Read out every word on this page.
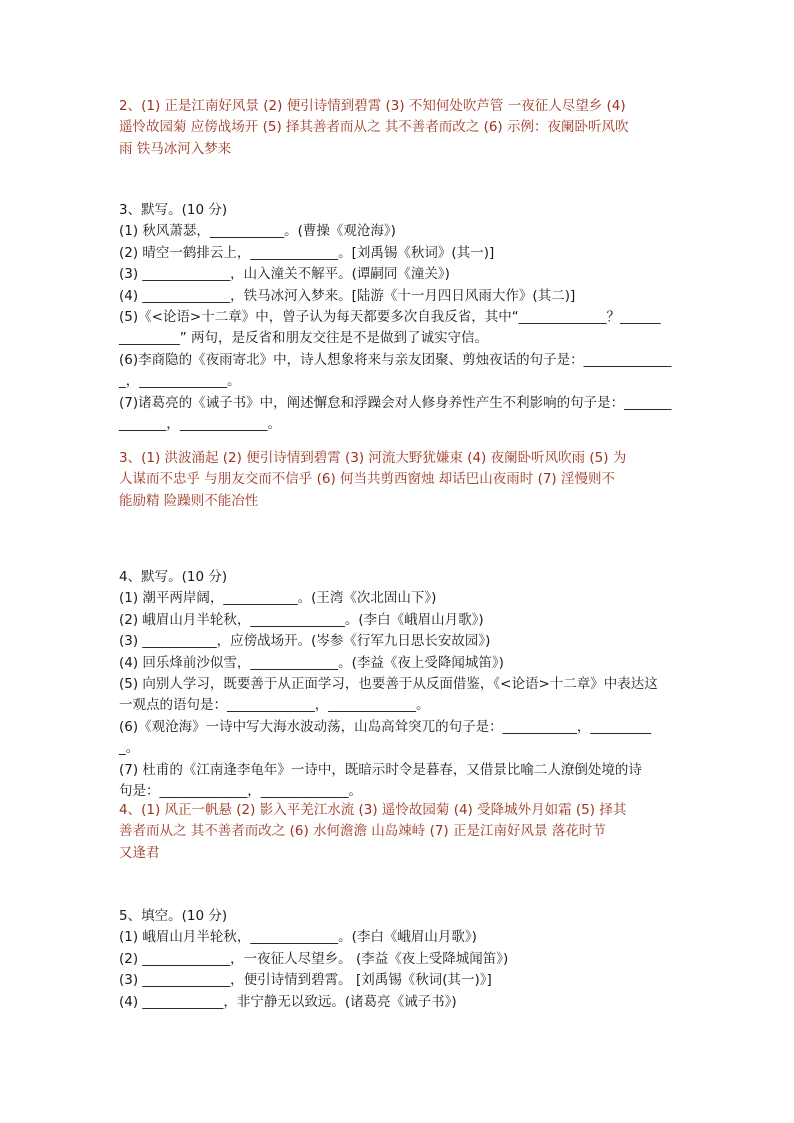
2、(1) 正是江南好风景 (2) 便引诗情到碧霄 (3) 不知何处吹芦管 一夜征人尽望乡 (4)
遥怜故园菊 应傍战场开 (5) 择其善者而从之 其不善者而改之 (6) 示例：夜阑卧听风吹
雨 铁马冰河入梦来
3、默写。(10 分)
(1) 秋风萧瑟，___________。(曹操《观沧海》)
(2) 晴空一鹤排云上，_____________。[刘禹锡《秋词》(其一)]
(3) _____________，山入潼关不解平。(谭嗣同《潼关》)
(4) _____________，铁马冰河入梦来。[陆游《十一月四日风雨大作》(其二)]
(5)《<论语>十二章》中，曾子认为每天都要多次自我反省，其中“_____________？______
_________” 两句，是反省和朋友交往是不是做到了诚实守信。
(6)李商隐的《夜雨寄北》中，诗人想象将来与亲友团聚、剪烛夜话的句子是：_____________
_，_____________。
(7)诸葛亮的《诫子书》中，阐述懈怠和浮躁会对人修身养性产生不利影响的句子是：_______
_______，_____________。
3、(1) 洪波涌起 (2) 便引诗情到碧霄 (3) 河流大野犹嫌束 (4) 夜阑卧听风吹雨 (5) 为
人谋而不忠乎 与朋友交而不信乎 (6) 何当共剪西窗烛 却话巴山夜雨时 (7) 淫慢则不
能励精 险躁则不能冶性
4、默写。(10 分)
(1) 潮平两岸阔，___________。(王湾《次北固山下》)
(2) 峨眉山月半轮秋，______________。(李白《峨眉山月歌》)
(3) ___________，应傍战场开。(岑参《行军九日思长安故园》)
(4) 回乐烽前沙似雪，_____________。(李益《夜上受降闻城笛》)
(5) 向别人学习，既要善于从正面学习，也要善于从反面借鉴，《<论语>十二章》中表达这
一观点的语句是：_____________，_____________。
(6)《观沧海》一诗中写大海水波动荡，山岛高耸突兀的句子是：___________，_________
_。
(7) 杜甫的《江南逢李龟年》一诗中，既暗示时令是暮春，又借景比喻二人潦倒处境的诗
句是：_____________，_____________。
4、(1) 风正一帆悬 (2) 影入平羌江水流 (3) 遥怜故园菊 (4) 受降城外月如霜 (5) 择其
善者而从之 其不善者而改之 (6) 水何澹澹 山岛竦峙 (7) 正是江南好风景 落花时节
又逢君
5、填空。(10 分)
(1) 峨眉山月半轮秋，_____________。(李白《峨眉山月歌》)
(2) _____________，一夜征人尽望乡。 (李益《夜上受降城闻笛》)
(3) _____________，便引诗情到碧霄。 [刘禹锡《秋词(其一)》]
(4) ____________，非宁静无以致远。(诸葛亮《诫子书》)
